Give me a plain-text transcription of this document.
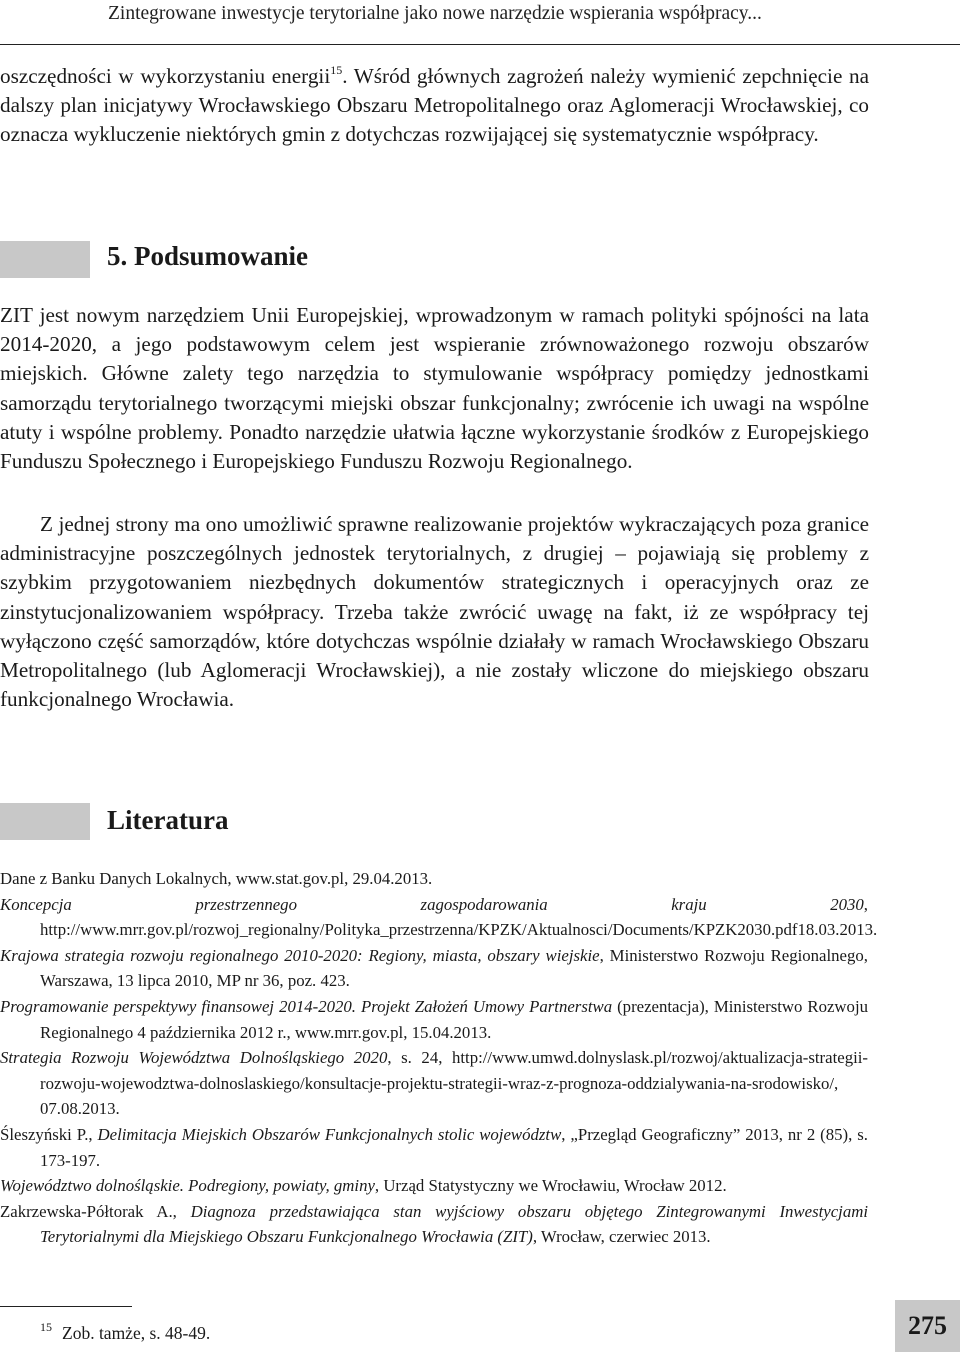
Zintegrowane inwestycje terytorialne jako nowe narzędzie wspierania współpracy...
oszczędności w wykorzystaniu energii$^{15}$. Wśród głównych zagrożeń należy wymienić zepchnięcie na dalszy plan inicjatywy Wrocławskiego Obszaru Metropolitalnego oraz Aglomeracji Wrocławskiej, co oznacza wykluczenie niektórych gmin z dotychczas rozwijającej się systematycznie współpracy.
5. Podsumowanie
ZIT jest nowym narzędziem Unii Europejskiej, wprowadzonym w ramach polityki spójności na lata 2014-2020, a jego podstawowym celem jest wspieranie zrównoważonego rozwoju obszarów miejskich. Główne zalety tego narzędzia to stymulowanie współpracy pomiędzy jednostkami samorządu terytorialnego tworzącymi miejski obszar funkcjonalny; zwrócenie ich uwagi na wspólne atuty i wspólne problemy. Ponadto narzędzie ułatwia łączne wykorzystanie środków z Europejskiego Funduszu Społecznego i Europejskiego Funduszu Rozwoju Regionalnego.
Z jednej strony ma ono umożliwić sprawne realizowanie projektów wykraczających poza granice administracyjne poszczególnych jednostek terytorialnych, z drugiej – pojawiają się problemy z szybkim przygotowaniem niezbędnych dokumentów strategicznych i operacyjnych oraz ze zinstytucjonalizowaniem współpracy. Trzeba także zwrócić uwagę na fakt, iż ze współpracy tej wyłączono część samorządów, które dotychczas wspólnie działały w ramach Wrocławskiego Obszaru Metropolitalnego (lub Aglomeracji Wrocławskiej), a nie zostały wliczone do miejskiego obszaru funkcjonalnego Wrocławia.
Literatura
Dane z Banku Danych Lokalnych, www.stat.gov.pl, 29.04.2013.
Koncepcja przestrzennego zagospodarowania kraju 2030, http://www.mrr.gov.pl/rozwoj_regionalny/Polityka_przestrzenna/KPZK/Aktualnosci/Documents/KPZK2030.pdf18.03.2013.
Krajowa strategia rozwoju regionalnego 2010-2020: Regiony, miasta, obszary wiejskie, Ministerstwo Rozwoju Regionalnego, Warszawa, 13 lipca 2010, MP nr 36, poz. 423.
Programowanie perspektywy finansowej 2014-2020. Projekt Założeń Umowy Partnerstwa (prezentacja), Ministerstwo Rozwoju Regionalnego 4 października 2012 r., www.mrr.gov.pl, 15.04.2013.
Strategia Rozwoju Województwa Dolnośląskiego 2020, s. 24, http://www.umwd.dolnyslask.pl/rozwoj/aktualizacja-strategii-rozwoju-wojewodztwa-dolnoslaskiego/konsultacje-projektu-strategii-wraz-z-prognoza-oddzialywania-na-srodowisko/, 07.08.2013.
Śleszyński P., Delimitacja Miejskich Obszarów Funkcjonalnych stolic województw, „Przegląd Geograficzny” 2013, nr 2 (85), s. 173-197.
Województwo dolnośląskie. Podregiony, powiaty, gminy, Urząd Statystyczny we Wrocławiu, Wrocław 2012.
Zakrzewska-Półtorak A., Diagnoza przedstawiająca stan wyjściowy obszaru objętego Zintegrowanymi Inwestycjami Terytorialnymi dla Miejskiego Obszaru Funkcjonalnego Wrocławia (ZIT), Wrocław, czerwiec 2013.
$^{15}$ Zob. tamże, s. 48-49.	275
